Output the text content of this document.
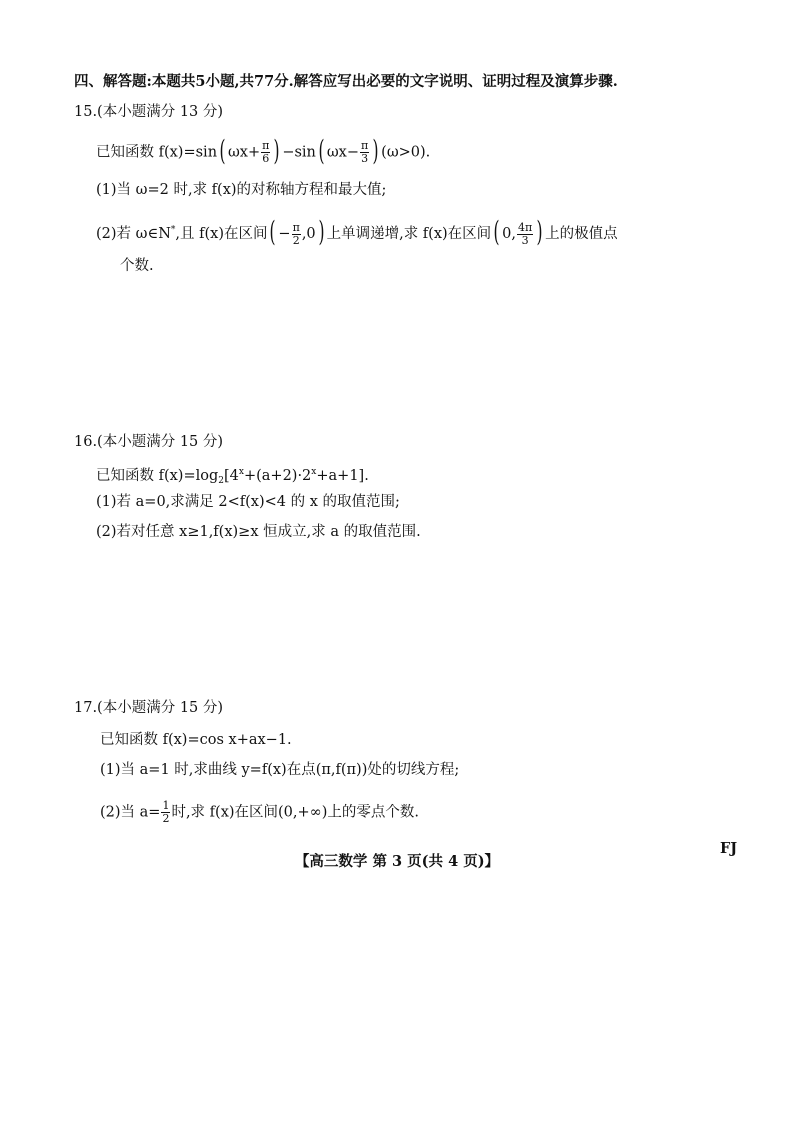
四、解答题:本题共5小题,共77分.解答应写出必要的文字说明、证明过程及演算步骤.
15.(本小题满分 13 分)
已知函数 f(x)=sin( $\omega x+ \frac{\pi}{6}$ ) −sin( $\omega x- \frac{\pi}{3}$ ) (ω>0).
(1)当 ω=2 时,求 f(x)的对称轴方程和最大值;
(2)若 ω∈N*,且 f(x)在区间( − $\frac{\pi}{2} ,0$) 上单调递增,求 f(x)在区间( 0, $\frac{4\pi}{3}$ ) 上的极值点
个数.
16.(本小题满分 15 分)
已知函数 $f(x)=\log_2[4^x+(a+2)\cdot 2^x+a+1]$.
(1)若 a=0,求满足 2<f(x)<4 的 x 的取值范围;
(2)若对任意 x≥1,f(x)≥x 恒成立,求 a 的取值范围.
17.(本小题满分 15 分)
已知函数 f(x)=cos x+ax−1.
(1)当 a=1 时,求曲线 y=f(x)在点(π,f(π))处的切线方程;
(2)当 $a= \frac{1}{2}$ 时,求 f(x)在区间(0,+∞)上的零点个数.
【高三数学 第 3 页(共 4 页)】
FJ
